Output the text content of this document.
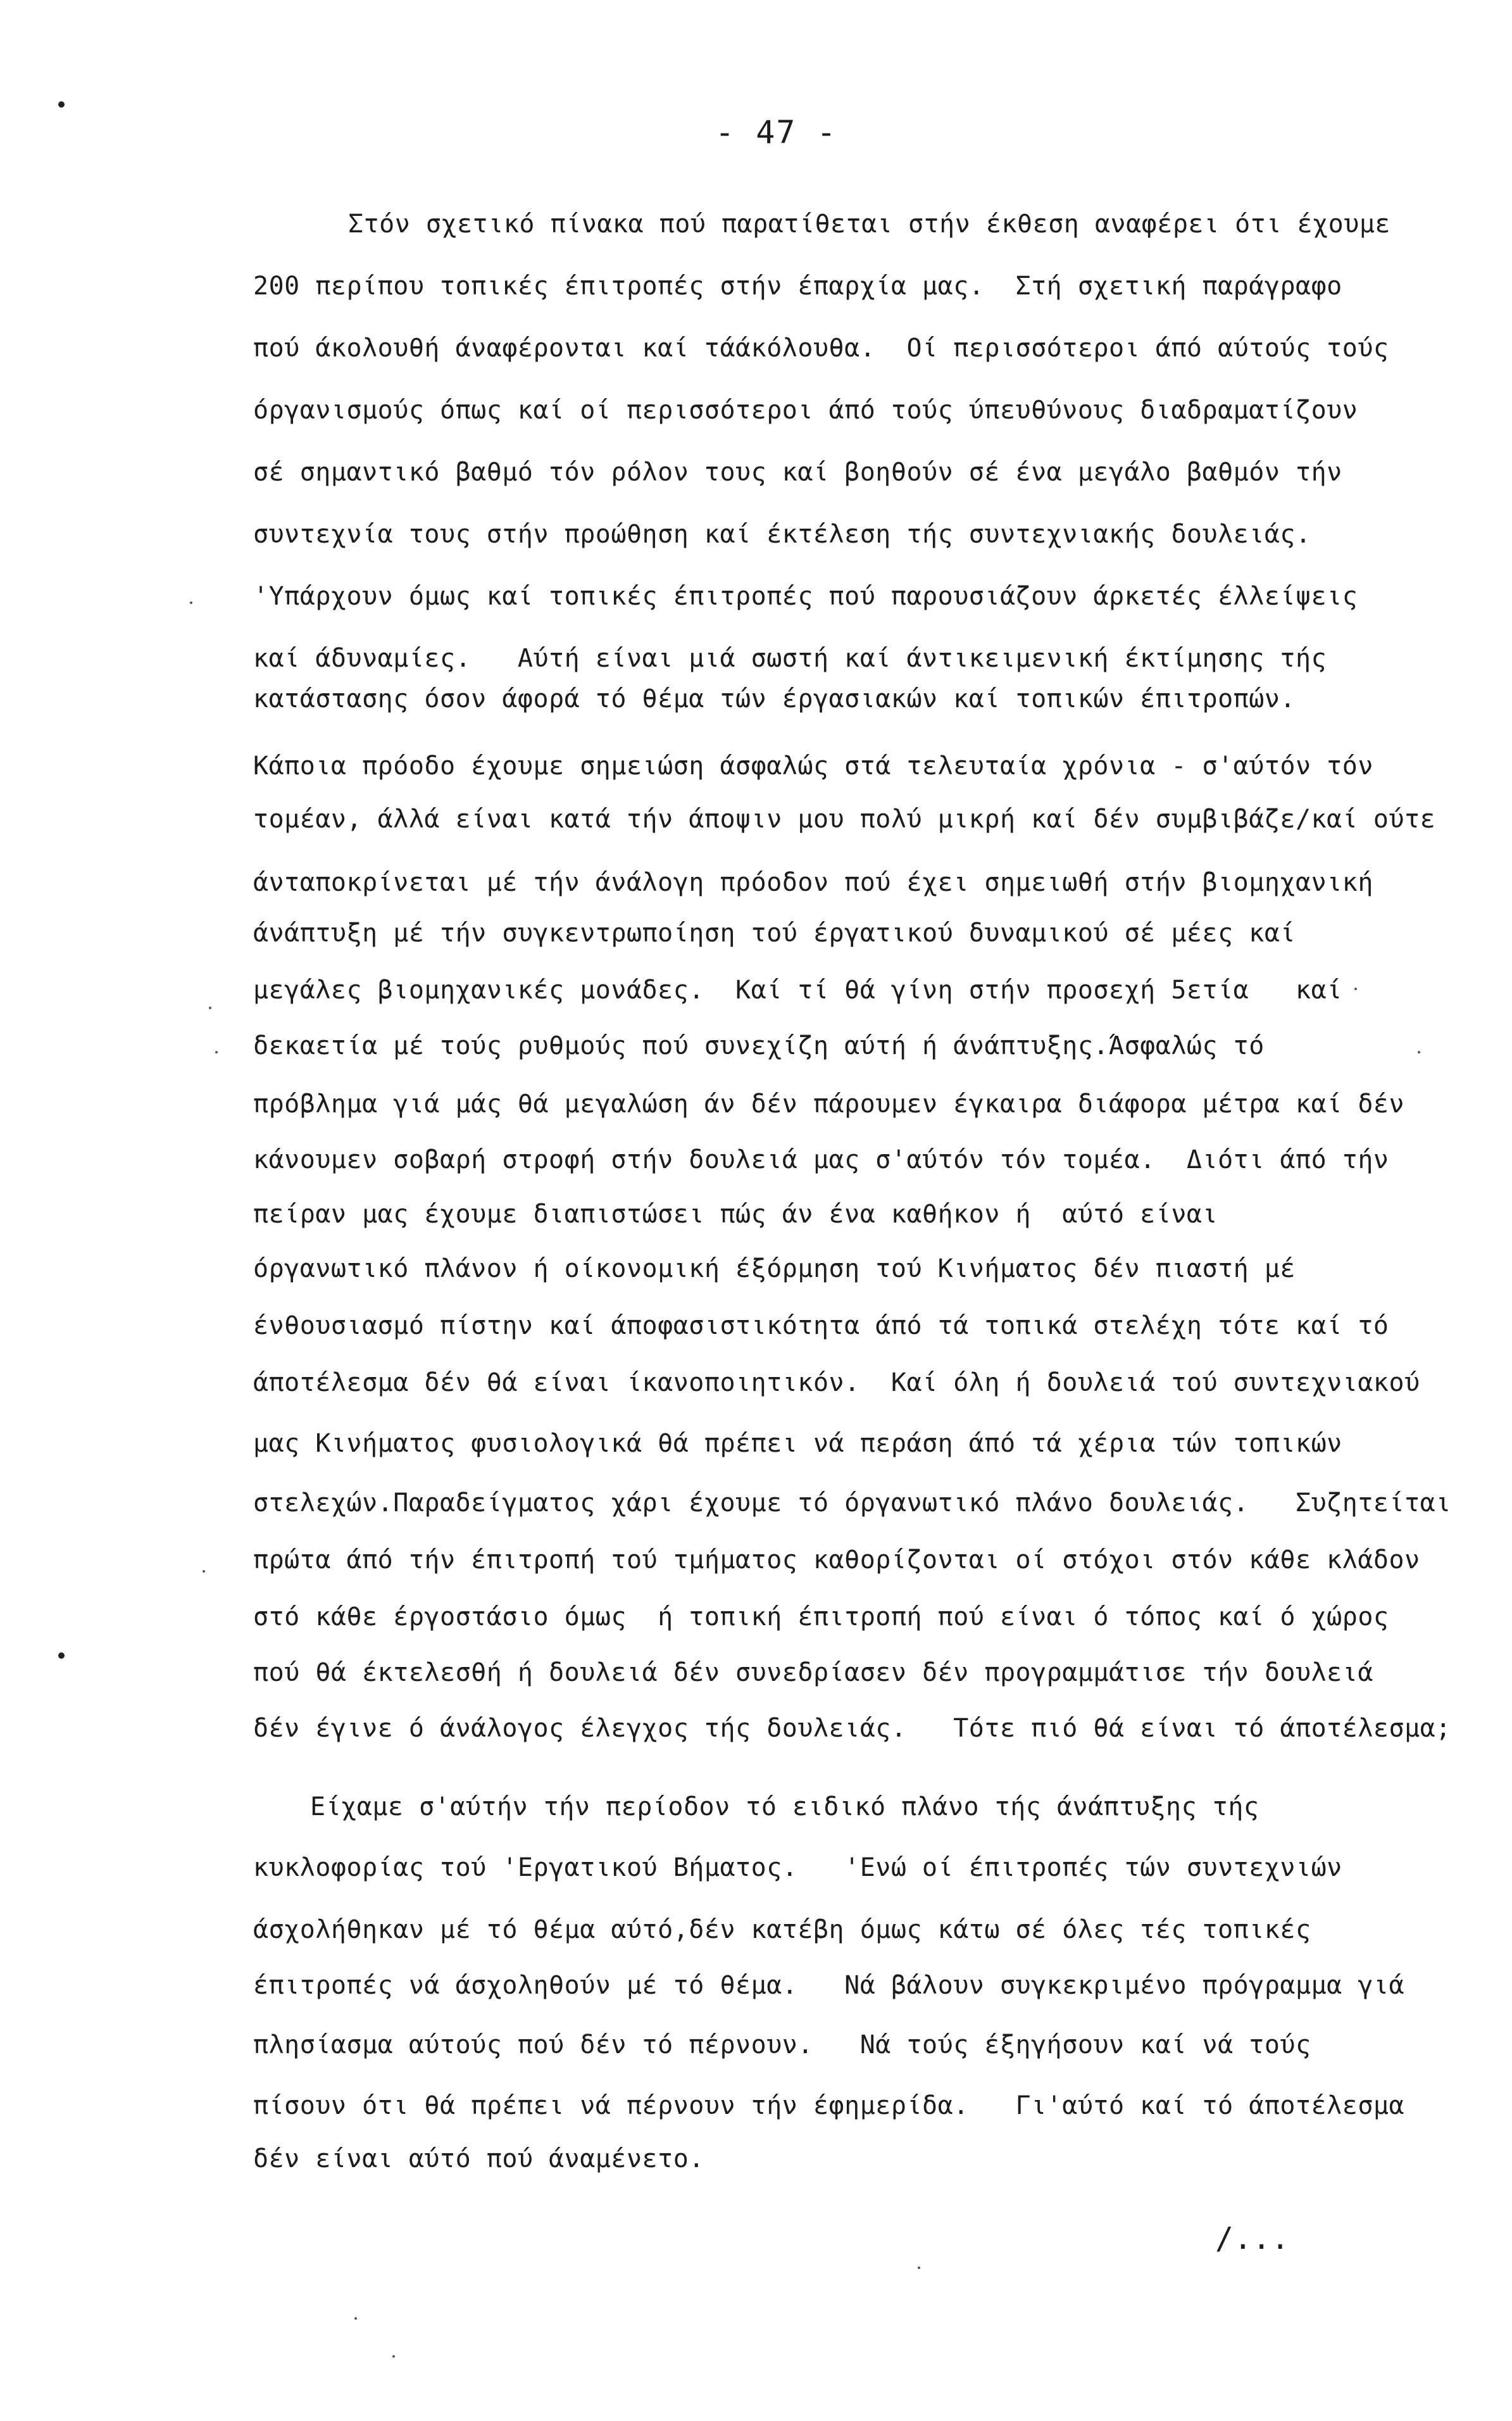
- 47 -
Στόν σχετικό πίνακα πού παρατίθεται στήν έκθεση αναφέρει ότι έχουμε
200 περίπου τοπικές έπιτροπές στήν έπαρχία μας.  Στή σχετική παράγραφο
πού άκολουθή άναφέρονται καί τάάκόλουθα.  Οί περισσότεροι άπό αύτούς τούς
όργανισμούς όπως καί οί περισσότεροι άπό τούς ύπευθύνους διαδραματίζουν
σέ σημαντικό βαθμό τόν ρόλον τους καί βοηθούν σέ ένα μεγάλο βαθμόν τήν
συντεχνία τους στήν προώθηση καί έκτέλεση τής συντεχνιακής δουλειάς.
'Υπάρχουν όμως καί τοπικές έπιτροπές πού παρουσιάζουν άρκετές έλλείψεις
καί άδυναμίες.   Αύτή είναι μιά σωστή καί άντικειμενική έκτίμησης τής
κατάστασης όσον άφορά τό θέμα τών έργασιακών καί τοπικών έπιτροπών.
Κάποια πρόοδο έχουμε σημειώση άσφαλώς στά τελευταία χρόνια - σ'αύτόν τόν
τομέαν, άλλά είναι κατά τήν άποψιν μου πολύ μικρή καί δέν συμβιβάζε/καί ούτε
άνταποκρίνεται μέ τήν άνάλογη πρόοδον πού έχει σημειωθή στήν βιομηχανική
άνάπτυξη μέ τήν συγκεντρωποίηση τού έργατικού δυναμικού σέ μέες καί
μεγάλες βιομηχανικές μονάδες.  Καί τί θά γίνη στήν προσεχή 5ετία   καί
δεκαετία μέ τούς ρυθμούς πού συνεχίζη αύτή ή άνάπτυξης.Άσφαλώς τό
πρόβλημα γιά μάς θά μεγαλώση άν δέν πάρουμεν έγκαιρα διάφορα μέτρα καί δέν
κάνουμεν σοβαρή στροφή στήν δουλειά μας σ'αύτόν τόν τομέα.  Διότι άπό τήν
πείραν μας έχουμε διαπιστώσει πώς άν ένα καθήκον ή  αύτό είναι
όργανωτικό πλάνον ή οίκονομική έξόρμηση τού Κινήματος δέν πιαστή μέ
ένθουσιασμό πίστην καί άποφασιστικότητα άπό τά τοπικά στελέχη τότε καί τό
άποτέλεσμα δέν θά είναι ίκανοποιητικόν.  Καί όλη ή δουλειά τού συντεχνιακού
μας Κινήματος φυσιολογικά θά πρέπει νά περάση άπό τά χέρια τών τοπικών
στελεχών.Παραδείγματος χάρι έχουμε τό όργανωτικό πλάνο δουλειάς.   Συζητείται
πρώτα άπό τήν έπιτροπή τού τμήματος καθορίζονται οί στόχοι στόν κάθε κλάδον
στό κάθε έργοστάσιο όμως  ή τοπική έπιτροπή πού είναι ό τόπος καί ό χώρος
πού θά έκτελεσθή ή δουλειά δέν συνεδρίασεν δέν προγραμμάτισε τήν δουλειά
δέν έγινε ό άνάλογος έλεγχος τής δουλειάς.   Τότε πιό θά είναι τό άποτέλεσμα;
Είχαμε σ'αύτήν τήν περίοδον τό ειδικό πλάνο τής άνάπτυξης τής
κυκλοφορίας τού 'Εργατικού Βήματος.   'Ενώ οί έπιτροπές τών συντεχνιών
άσχολήθηκαν μέ τό θέμα αύτό,δέν κατέβη όμως κάτω σέ όλες τές τοπικές
έπιτροπές νά άσχοληθούν μέ τό θέμα.   Νά βάλουν συγκεκριμένο πρόγραμμα γιά
πλησίασμα αύτούς πού δέν τό πέρνουν.   Νά τούς έξηγήσουν καί νά τούς
πίσουν ότι θά πρέπει νά πέρνουν τήν έφημερίδα.   Γι'αύτό καί τό άποτέλεσμα
δέν είναι αύτό πού άναμένετο.
/...
